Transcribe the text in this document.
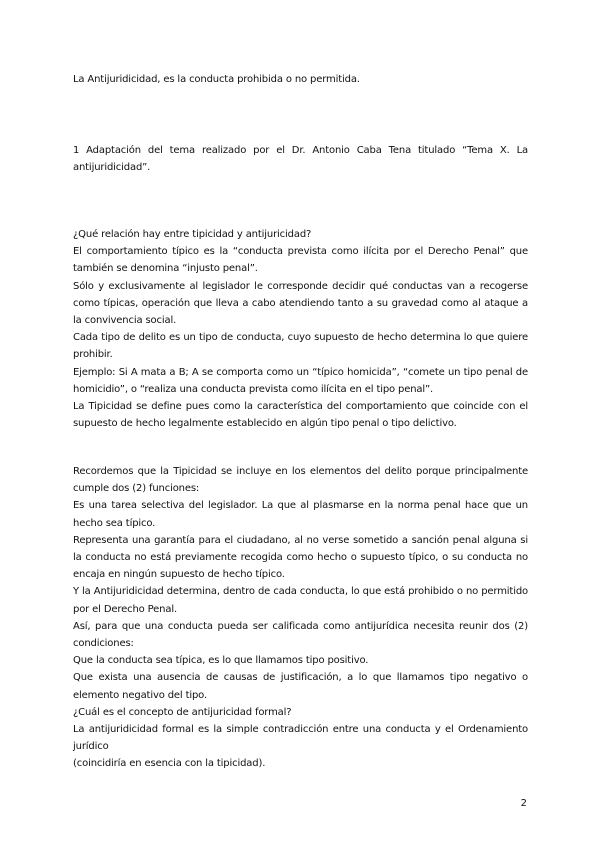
La Antijuridicidad, es la conducta prohibida o no permitida.

1 Adaptación del tema realizado por el Dr. Antonio Caba Tena titulado “Tema X. La antijuridicidad”.

¿Qué relación hay entre tipicidad y antijuricidad?

El comportamiento típico es la “conducta prevista como ilícita por el Derecho Penal” que también se denomina “injusto penal”.

Sólo y exclusivamente al legislador le corresponde decidir qué conductas van a recogerse como típicas, operación que lleva a cabo atendiendo tanto a su gravedad como al ataque a la convivencia social.

Cada tipo de delito es un tipo de conducta, cuyo supuesto de hecho determina lo que quiere prohibir.

Ejemplo: Si A mata a B; A se comporta como un “típico homicida”, “comete un tipo penal de homicidio”, o “realiza una conducta prevista como ilícita en el tipo penal”.

La Tipicidad se define pues como la característica del comportamiento que coincide con el supuesto de hecho legalmente establecido en algún tipo penal o tipo delictivo.

Recordemos que la Tipicidad se incluye en los elementos del delito porque principalmente cumple dos (2) funciones:

Es una tarea selectiva del legislador. La que al plasmarse en la norma penal hace que un hecho sea típico.

Representa una garantía para el ciudadano, al no verse sometido a sanción penal alguna si la conducta no está previamente recogida como hecho o supuesto típico, o su conducta no encaja en ningún supuesto de hecho típico.

Y la Antijuridicidad determina, dentro de cada conducta, lo que está prohibido o no permitido por el Derecho Penal.

Así, para que una conducta pueda ser calificada como antijurídica necesita reunir dos (2) condiciones:

Que la conducta sea típica, es lo que llamamos tipo positivo.

Que exista una ausencia de causas de justificación, a lo que llamamos tipo negativo o elemento negativo del tipo.

¿Cuál es el concepto de antijuricidad formal?

La antijuridicidad formal es la simple contradicción entre una conducta y el Ordenamiento jurídico

(coincidiría en esencia con la tipicidad).

2
